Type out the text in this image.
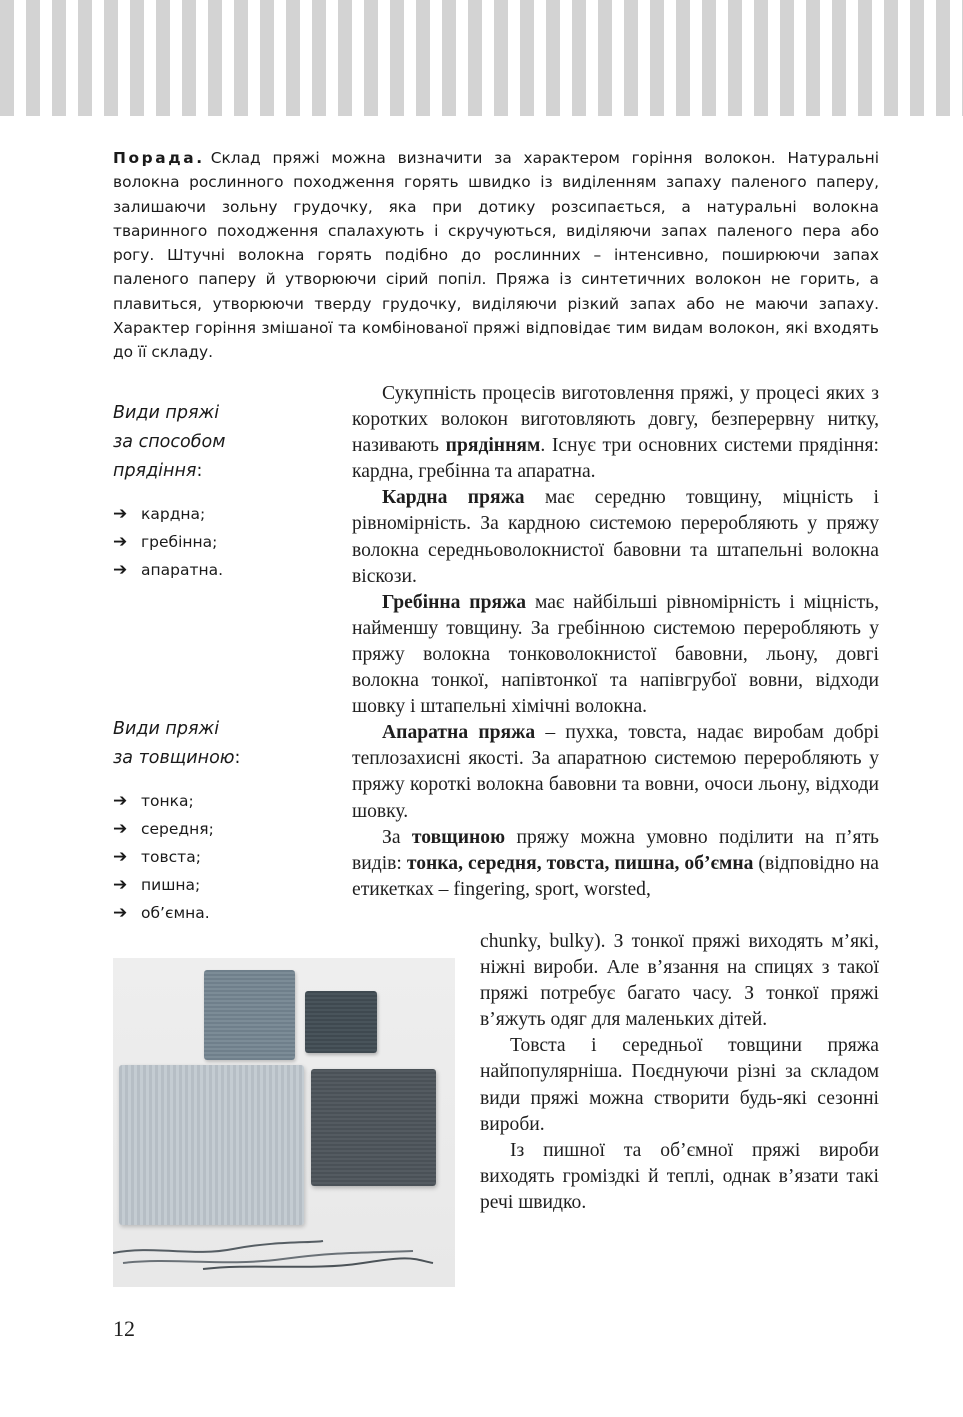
Порада. Склад пряжі можна визначити за характером горіння волокон. Натуральні волокна рослинного походження горять швидко із виділенням запаху паленого паперу, залишаючи зольну грудочку, яка при дотику розсипається, а натуральні волокна тваринного походження спалахують і скручуються, виділяючи запах паленого пера або рогу. Штучні волокна горять подібно до рослинних – інтенсивно, поширюючи запах паленого паперу й утворюючи сірий попіл. Пряжа із синтетичних волокон не горить, а плавиться, утворюючи тверду грудочку, виділяючи різкий запах або не маючи запаху. Характер горіння змішаної та комбінованої пряжі відповідає тим видам волокон, які входять до її складу.

Види пряжі
за способом
прядіння:

➔ кардна;
➔ гребінна;
➔ апаратна.

Види пряжі
за товщиною:

➔ тонка;
➔ середня;
➔ товста;
➔ пишна;
➔ об’ємна.

Сукупність процесів виготовлення пряжі, у процесі яких з коротких волокон виготовляють довгу, безперервну нитку, називають прядінням. Існує три основних системи прядіння: кардна, гребінна та апаратна.

Кардна пряжа має середню товщину, міцність і рівномірність. За кардною системою переробляють у пряжу волокна середньоволокнистої бавовни та штапельні волокна віскози.

Гребінна пряжа має найбільші рівномірність і міцність, найменшу товщину. За гребінною системою переробляють у пряжу волокна тонковолокнистої бавовни, льону, довгі волокна тонкої, напівтонкої та напівгрубої вовни, відходи шовку і штапельні хімічні волокна.

Апаратна пряжа – пухка, товста, надає виробам добрі теплозахисні якості. За апаратною системою переробляють у пряжу короткі волокна бавовни та вовни, очоси льону, відходи шовку.

За товщиною пряжу можна умовно поділити на п’ять видів: тонка, середня, товста, пишна, об’ємна (відповідно на етикетках – fingering, sport, worsted,

chunky, bulky). З тонкої пряжі виходять м’які, ніжні вироби. Але в’язання на спицях з такої пряжі потребує багато часу. З тонкої пряжі в’яжуть одяг для маленьких дітей.

Товста і середньої товщини пряжа найпопулярніша. Поєднуючи різні за складом види пряжі можна створити будь-які сезонні вироби.

Із пишної та об’ємної пряжі вироби виходять громіздкі й теплі, однак в’язати такі речі швидко.

12
